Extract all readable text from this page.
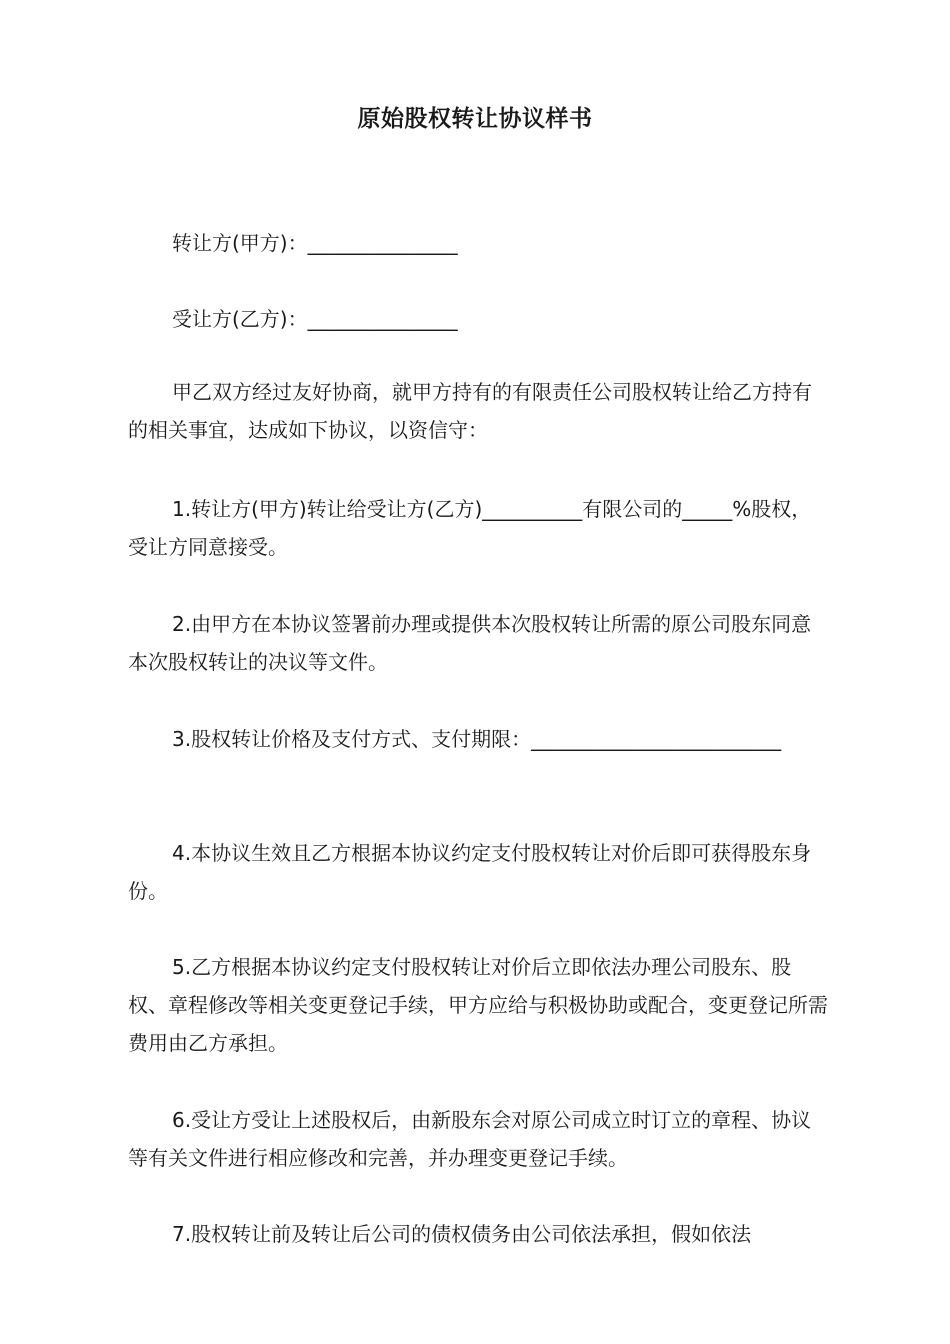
原始股权转让协议样书
转让方(甲方)：_______________
受让方(乙方)：_______________
甲乙双方经过友好协商，就甲方持有的有限责任公司股权转让给乙方持有的相关事宜，达成如下协议，以资信守：
1.转让方(甲方)转让给受让方(乙方)__________有限公司的_____%股权，受让方同意接受。
2.由甲方在本协议签署前办理或提供本次股权转让所需的原公司股东同意本次股权转让的决议等文件。
3.股权转让价格及支付方式、支付期限：_________________________
4.本协议生效且乙方根据本协议约定支付股权转让对价后即可获得股东身份。
5.乙方根据本协议约定支付股权转让对价后立即依法办理公司股东、股权、章程修改等相关变更登记手续，甲方应给与积极协助或配合，变更登记所需费用由乙方承担。
6.受让方受让上述股权后，由新股东会对原公司成立时订立的章程、协议等有关文件进行相应修改和完善，并办理变更登记手续。
7.股权转让前及转让后公司的债权债务由公司依法承担，假如依法
